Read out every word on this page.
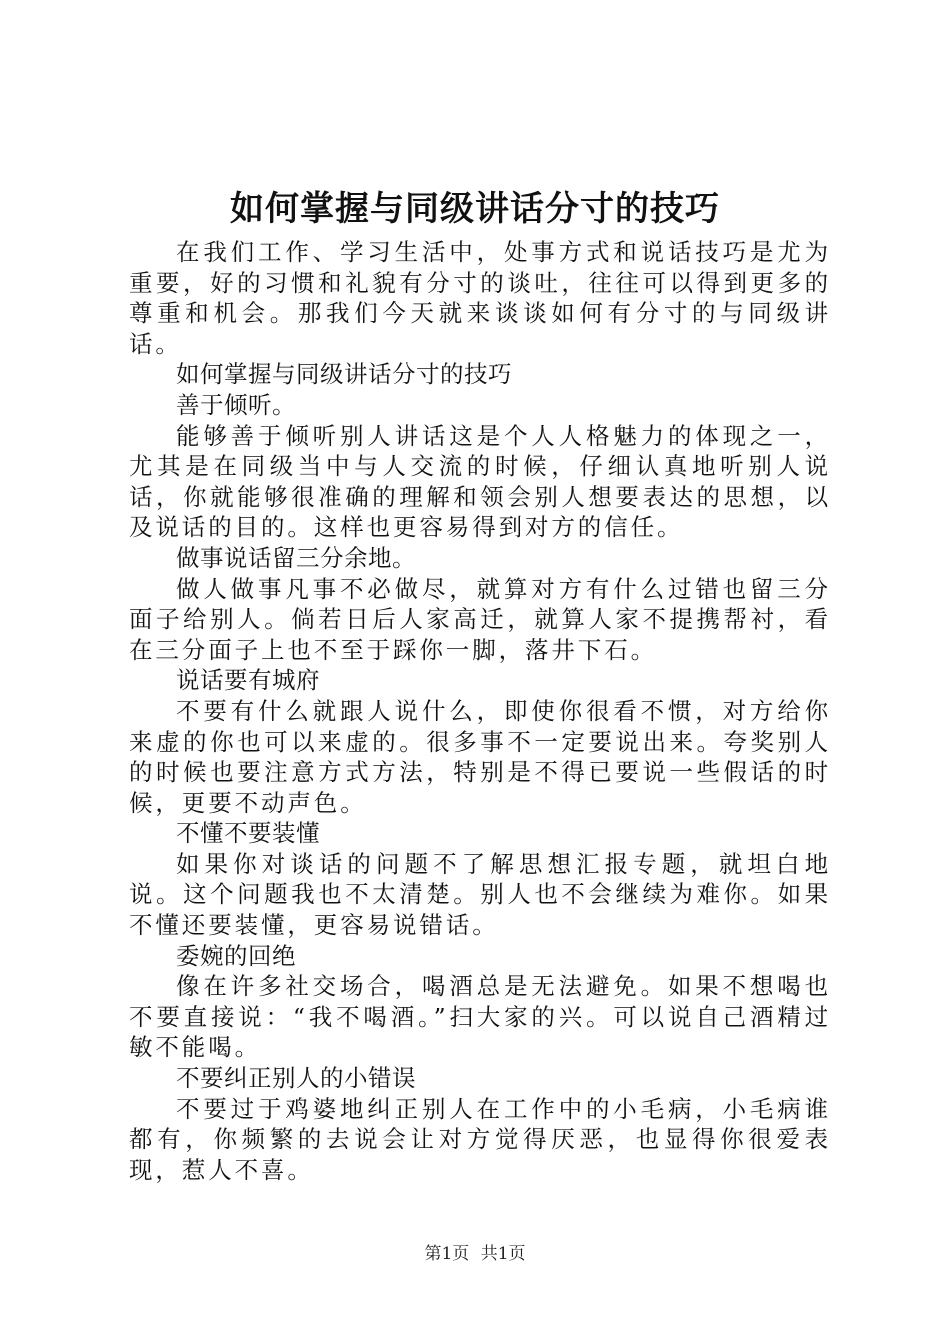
如何掌握与同级讲话分寸的技巧

在我们工作、学习生活中，处事方式和说话技巧是尤为重要，好的习惯和礼貌有分寸的谈吐，往往可以得到更多的尊重和机会。那我们今天就来谈谈如何有分寸的与同级讲话。

如何掌握与同级讲话分寸的技巧

善于倾听。

能够善于倾听别人讲话这是个人人格魅力的体现之一，尤其是在同级当中与人交流的时候，仔细认真地听别人说话，你就能够很准确的理解和领会别人想要表达的思想，以及说话的目的。这样也更容易得到对方的信任。

做事说话留三分余地。

做人做事凡事不必做尽，就算对方有什么过错也留三分面子给别人。倘若日后人家高迁，就算人家不提携帮衬，看在三分面子上也不至于踩你一脚，落井下石。

说话要有城府

不要有什么就跟人说什么，即使你很看不惯，对方给你来虚的你也可以来虚的。很多事不一定要说出来。夸奖别人的时候也要注意方式方法，特别是不得已要说一些假话的时候，更要不动声色。

不懂不要装懂

如果你对谈话的问题不了解思想汇报专题，就坦白地说。这个问题我也不太清楚。别人也不会继续为难你。如果不懂还要装懂，更容易说错话。

委婉的回绝

像在许多社交场合，喝酒总是无法避免。如果不想喝也不要直接说：“我不喝酒。”扫大家的兴。可以说自己酒精过敏不能喝。

不要纠正别人的小错误

不要过于鸡婆地纠正别人在工作中的小毛病，小毛病谁都有，你频繁的去说会让对方觉得厌恶，也显得你很爱表现，惹人不喜。

第1页 共1页
